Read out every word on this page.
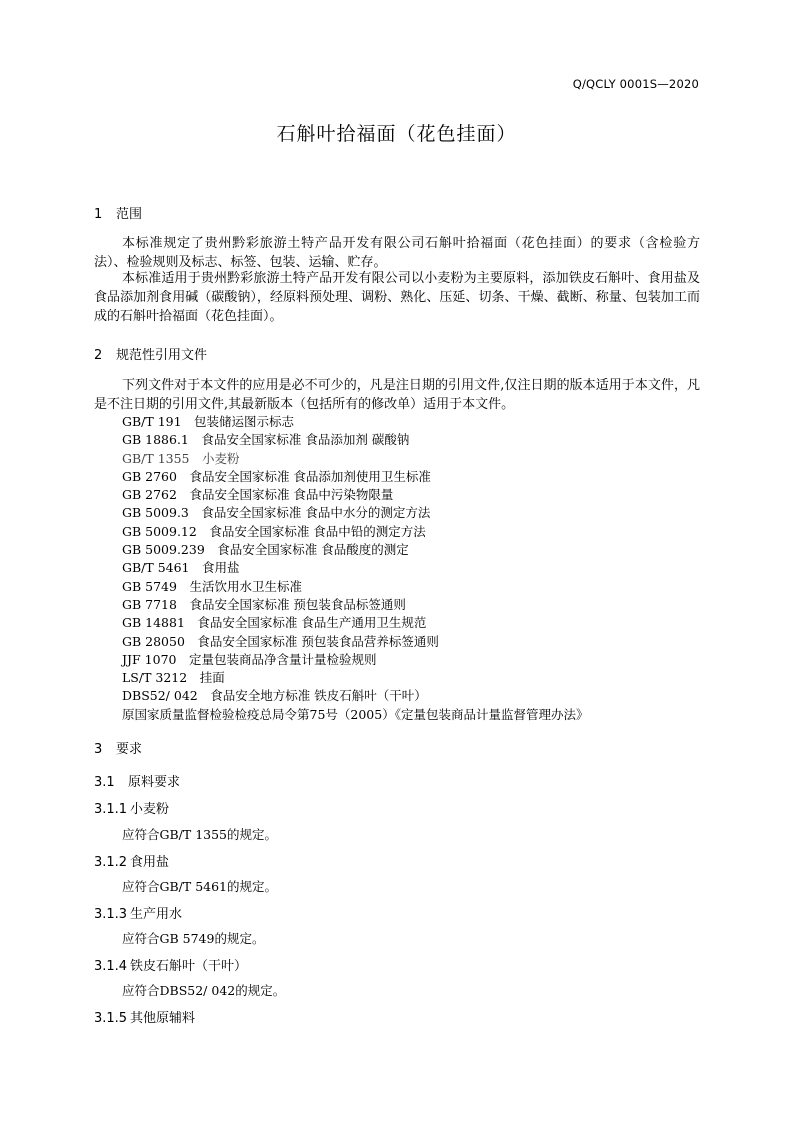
Q/QCLY 0001S—2020
石斛叶拾福面（花色挂面）
1 范围
本标准规定了贵州黔彩旅游土特产品开发有限公司石斛叶拾福面（花色挂面）的要求（含检验方法）、检验规则及标志、标签、包装、运输、贮存。
本标准适用于贵州黔彩旅游土特产品开发有限公司以小麦粉为主要原料，添加铁皮石斛叶、食用盐及食品添加剂食用碱（碳酸钠），经原料预处理、调粉、熟化、压延、切条、干燥、截断、称量、包装加工而成的石斛叶拾福面（花色挂面）。
2 规范性引用文件
下列文件对于本文件的应用是必不可少的，凡是注日期的引用文件,仅注日期的版本适用于本文件，凡是不注日期的引用文件,其最新版本（包括所有的修改单）适用于本文件。
GB/T 191　包装储运图示标志
GB 1886.1　食品安全国家标准 食品添加剂 碳酸钠
GB/T 1355　小麦粉
GB 2760　食品安全国家标准 食品添加剂使用卫生标准
GB 2762　食品安全国家标准 食品中污染物限量
GB 5009.3　食品安全国家标准 食品中水分的测定方法
GB 5009.12　食品安全国家标准 食品中铅的测定方法
GB 5009.239　食品安全国家标准 食品酸度的测定
GB/T 5461　食用盐
GB 5749　生活饮用水卫生标准
GB 7718　食品安全国家标准 预包装食品标签通则
GB 14881　食品安全国家标准 食品生产通用卫生规范
GB 28050　食品安全国家标准 预包装食品营养标签通则
JJF 1070　定量包装商品净含量计量检验规则
LS/T 3212　挂面
DBS52/ 042　食品安全地方标准 铁皮石斛叶（干叶）
原国家质量监督检验检疫总局令第75号（2005）《定量包装商品计量监督管理办法》
3 要求
3.1 原料要求
3.1.1 小麦粉
应符合GB/T 1355的规定。
3.1.2 食用盐
应符合GB/T 5461的规定。
3.1.3 生产用水
应符合GB 5749的规定。
3.1.4 铁皮石斛叶（干叶）
应符合DBS52/ 042的规定。
3.1.5 其他原辅料
